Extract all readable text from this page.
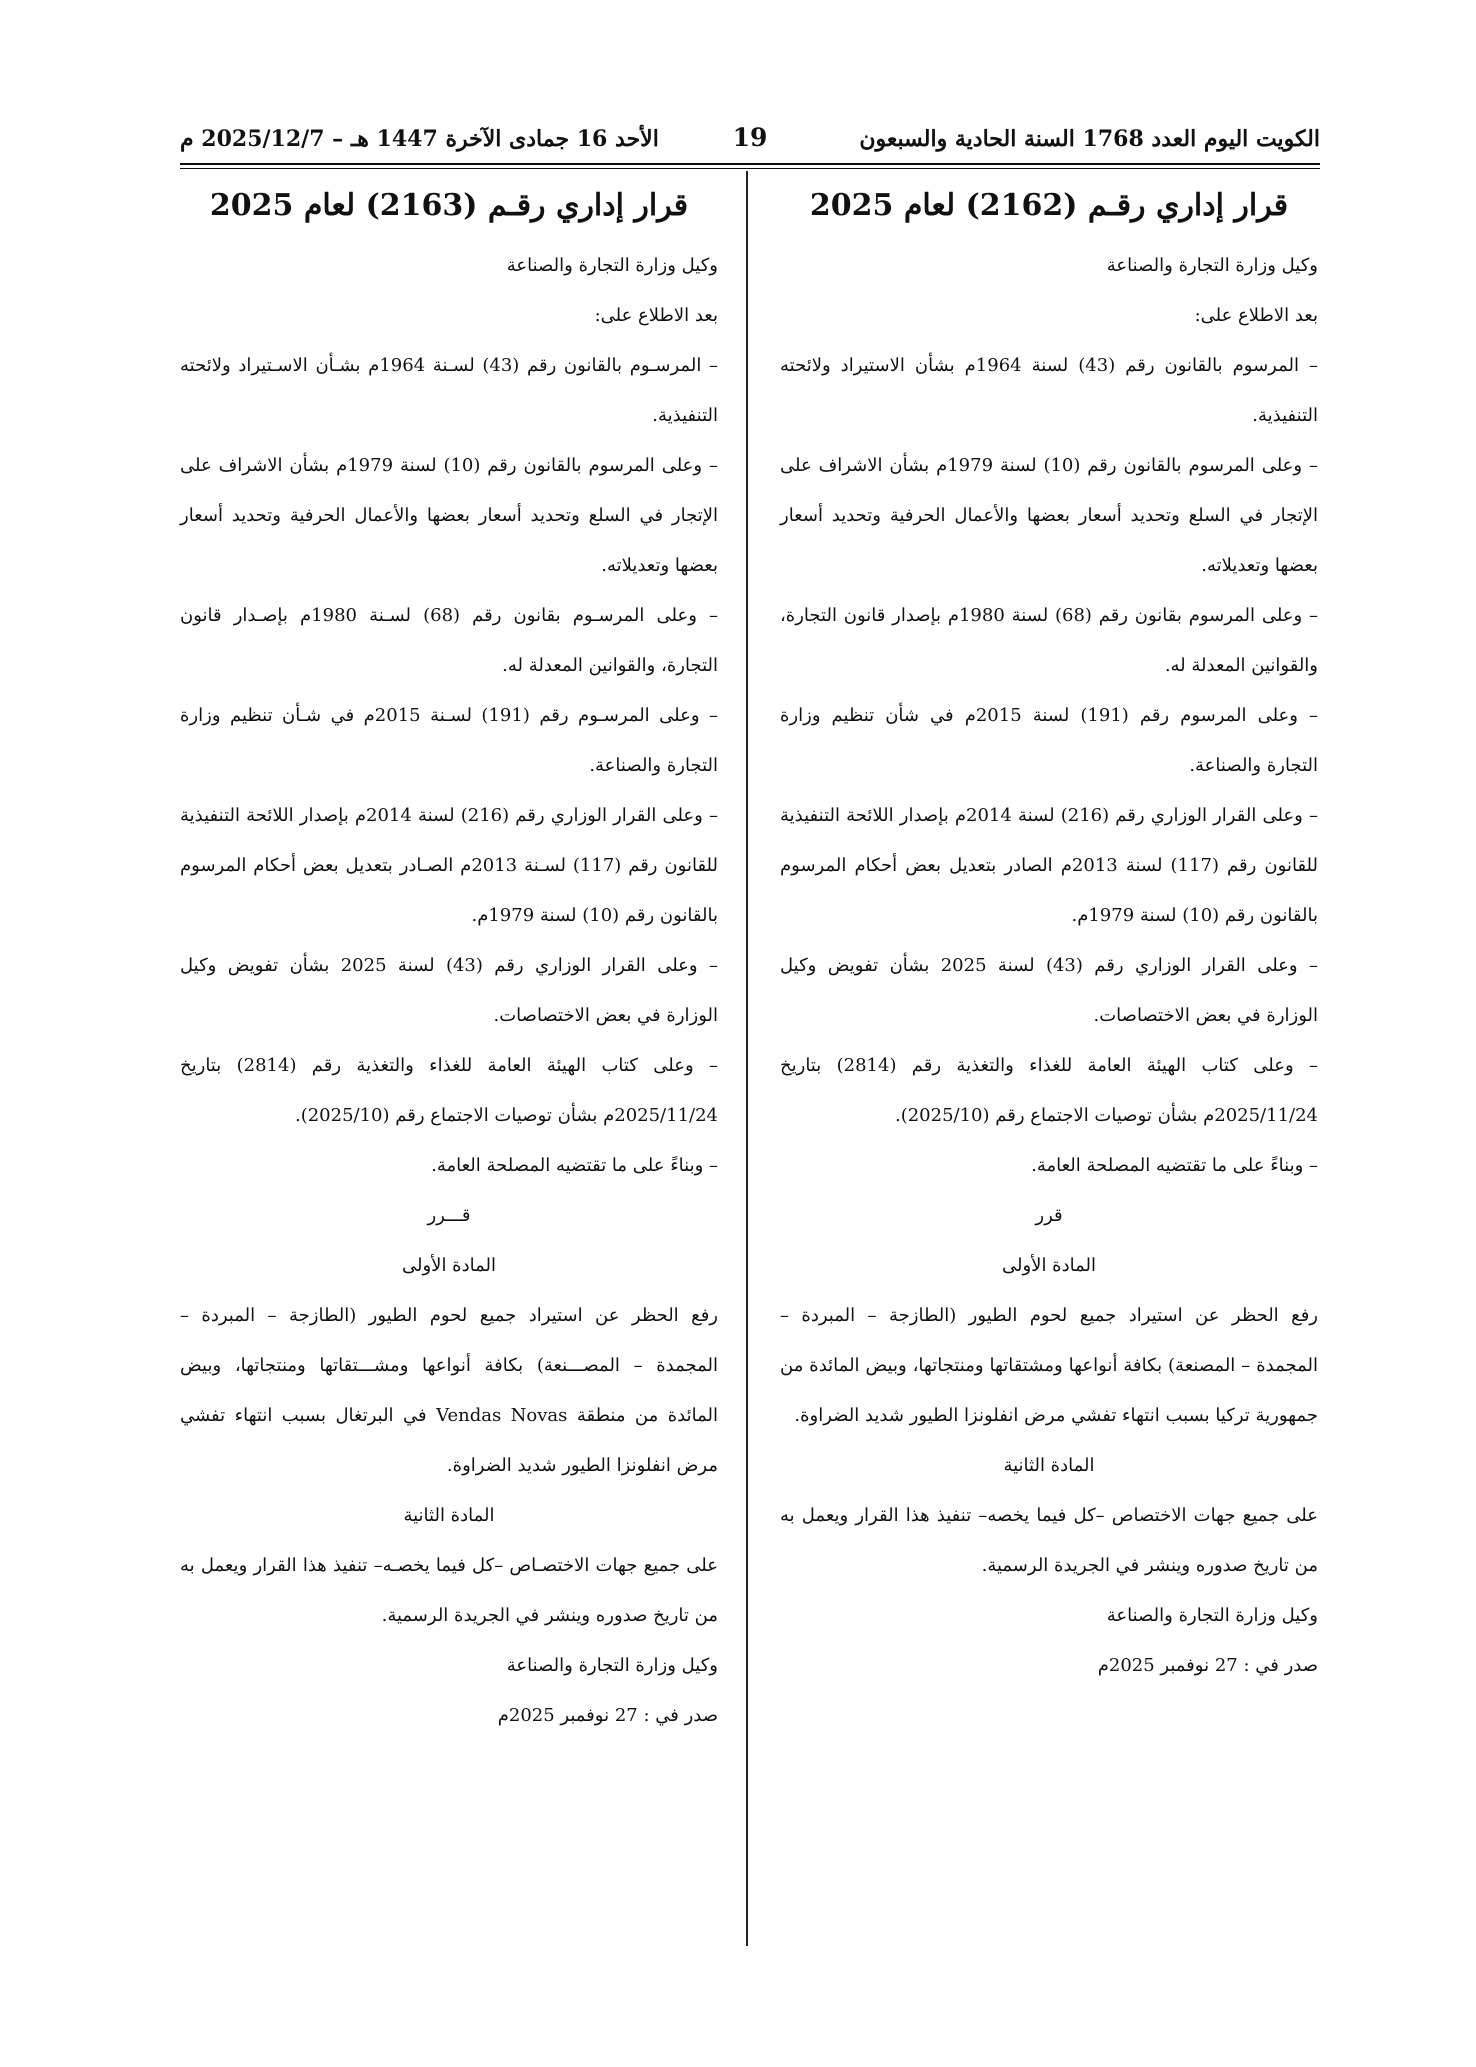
الكويت اليوم العدد 1768 السنة الحادية والسبعون
19
الأحد 16 جمادى الآخرة 1447 هـ – 2025/12/7 م

قرار إداري رقـم (2162) لعام 2025

وكيل وزارة التجارة والصناعة

بعد الاطلاع على:

– المرسوم بالقانون رقم (43) لسنة 1964م بشأن الاستيراد ولائحته التنفيذية.

– وعلى المرسوم بالقانون رقم (10) لسنة 1979م بشأن الاشراف على الإتجار في السلع وتحديد أسعار بعضها والأعمال الحرفية وتحديد أسعار بعضها وتعديلاته.

– وعلى المرسوم بقانون رقم (68) لسنة 1980م بإصدار قانون التجارة، والقوانين المعدلة له.

– وعلى المرسوم رقم (191) لسنة 2015م في شأن تنظيم وزارة التجارة والصناعة.

– وعلى القرار الوزاري رقم (216) لسنة 2014م بإصدار اللائحة التنفيذية للقانون رقم (117) لسنة 2013م الصادر بتعديل بعض أحكام المرسوم بالقانون رقم (10) لسنة 1979م.

– وعلى القرار الوزاري رقم (43) لسنة 2025 بشأن تفويض وكيل الوزارة في بعض الاختصاصات.

– وعلى كتاب الهيئة العامة للغذاء والتغذية رقم (2814) بتاريخ 2025/11/24م بشأن توصيات الاجتماع رقم (2025/10).

– وبناءً على ما تقتضيه المصلحة العامة.

قرر

المادة الأولى

رفع الحظر عن استيراد جميع لحوم الطيور (الطازجة – المبردة – المجمدة – المصنعة) بكافة أنواعها ومشتقاتها ومنتجاتها، وبيض المائدة من جمهورية تركيا بسبب انتهاء تفشي مرض انفلونزا الطيور شديد الضراوة.

المادة الثانية

على جميع جهات الاختصاص –كل فيما يخصه– تنفيذ هذا القرار ويعمل به من تاريخ صدوره وينشر في الجريدة الرسمية.

وكيل وزارة التجارة والصناعة

صدر في : 27 نوفمبر 2025م

قرار إداري رقـم (2163) لعام 2025

وكيل وزارة التجارة والصناعة

بعد الاطلاع على:

– المرسـوم بالقانون رقم (43) لسـنة 1964م بشـأن الاسـتيراد ولائحته التنفيذية.

– وعلى المرسوم بالقانون رقم (10) لسنة 1979م بشأن الاشراف على الإتجار في السلع وتحديد أسعار بعضها والأعمال الحرفية وتحديد أسعار بعضها وتعديلاته.

– وعلى المرسـوم بقانون رقم (68) لسـنة 1980م بإصـدار قانون التجارة، والقوانين المعدلة له.

– وعلى المرسـوم رقم (191) لسـنة 2015م في شـأن تنظيم وزارة التجارة والصناعة.

– وعلى القرار الوزاري رقم (216) لسنة 2014م بإصدار اللائحة التنفيذية للقانون رقم (117) لسـنة 2013م الصـادر بتعديل بعض أحكام المرسوم بالقانون رقم (10) لسنة 1979م.

– وعلى القرار الوزاري رقم (43) لسنة 2025 بشأن تفويض وكيل الوزارة في بعض الاختصاصات.

– وعلى كتاب الهيئة العامة للغذاء والتغذية رقم (2814) بتاريخ 2025/11/24م بشأن توصيات الاجتماع رقم (2025/10).

– وبناءً على ما تقتضيه المصلحة العامة.

قـــرر

المادة الأولى

رفع الحظر عن استيراد جميع لحوم الطيور (الطازجة – المبردة – المجمدة – المصـــنعة) بكافة أنواعها ومشـــتقاتها ومنتجاتها، وبيض المائدة من منطقة Vendas Novas في البرتغال بسبب انتهاء تفشي مرض انفلونزا الطيور شديد الضراوة.

المادة الثانية

على جميع جهات الاختصـاص –كل فيما يخصـه– تنفيذ هذا القرار ويعمل به من تاريخ صدوره وينشر في الجريدة الرسمية.

وكيل وزارة التجارة والصناعة

صدر في : 27 نوفمبر 2025م
